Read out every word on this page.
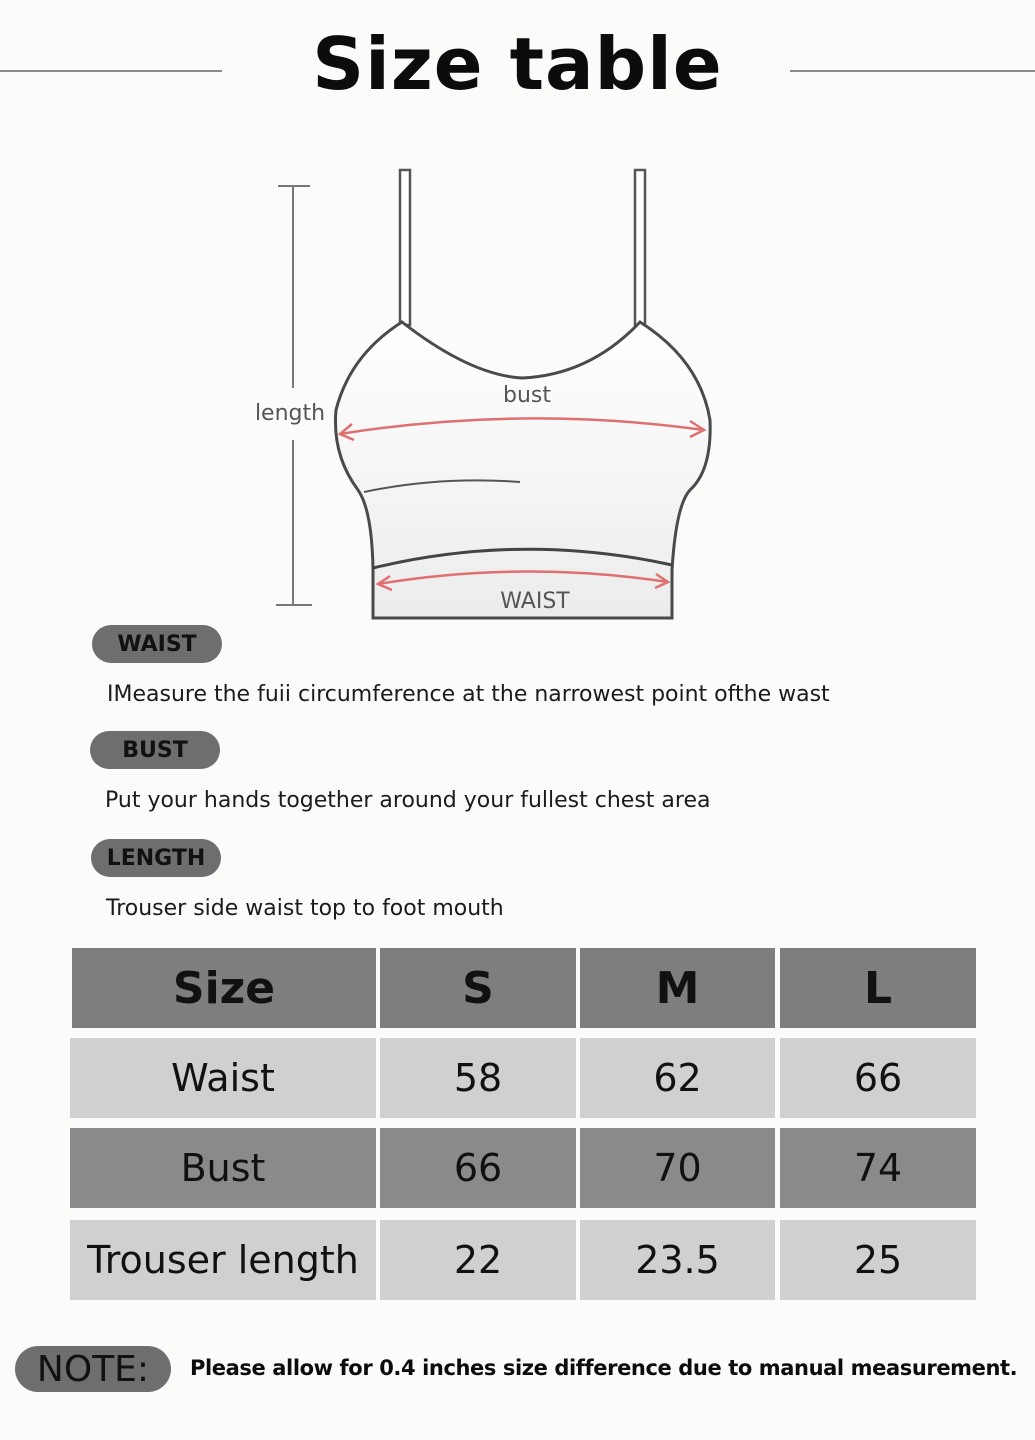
Size table
length
bust
WAIST
WAIST
IMeasure the fuii circumference at the narrowest point ofthe wast
BUST
Put your hands together around your fullest chest area
LENGTH
Trouser side waist top to foot mouth
Size	S	M	L
Waist	58	62	66
Bust	66	70	74
Trouser length	22	23.5	25
NOTE:	Please allow for 0.4 inches size difference due to manual measurement.
